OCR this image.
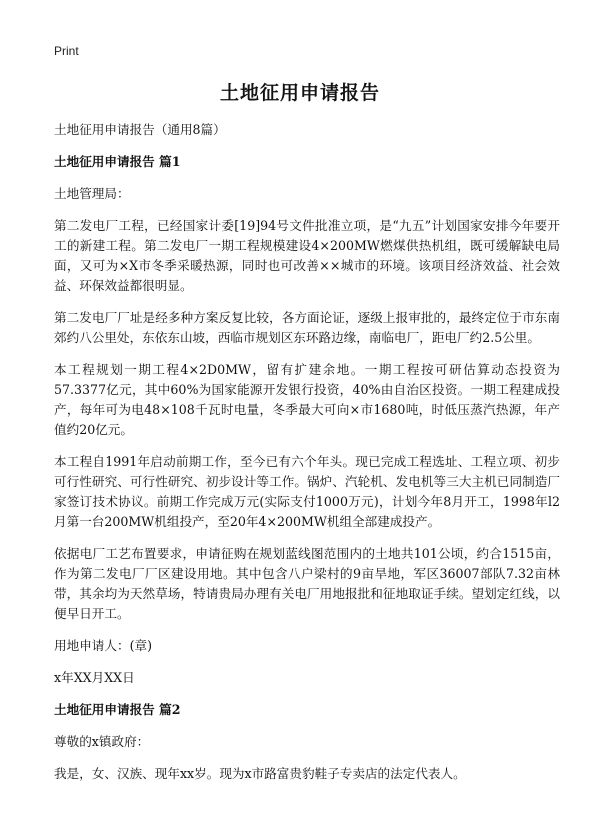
Print
土地征用申请报告

土地征用申请报告（通用8篇）

土地征用申请报告 篇1

土地管理局：

第二发电厂工程，已经国家计委[19]94号文件批准立项，是“九五”计划国家安排今年要开工的新建工程。第二发电厂一期工程规模建设4×200MW燃煤供热机组，既可缓解缺电局面，又可为×X市冬季采暖热源，同时也可改善××城市的环境。该项目经济效益、社会效益、环保效益都很明显。

第二发电厂厂址是经多种方案反复比较，各方面论证，逐级上报审批的，最终定位于市东南郊约八公里处，东依东山坡，西临市规划区东环路边缘，南临电厂，距电厂约2.5公里。

本工程规划一期工程4×2D0MW，留有扩建余地。一期工程按可研估算动态投资为57.3377亿元，其中60%为国家能源开发银行投资，40%由自治区投资。一期工程建成投产，每年可为电48×108千瓦时电量，冬季最大可向×市1680吨，时低压蒸汽热源，年产值约20亿元。

本工程自1991年启动前期工作，至今已有六个年头。现已完成工程选址、工程立项、初步可行性研究、可行性研究、初步设计等工作。锅炉、汽轮机、发电机等三大主机已同制造厂家签订技术协议。前期工作完成万元(实际支付1000万元)，计划今年8月开工，1998年l2月第一台200MW机组投产，至20年4×200MW机组全部建成投产。

依据电厂工艺布置要求，申请征购在规划蓝线图范围内的土地共101公顷，约合1515亩，作为第二发电厂厂区建设用地。其中包含八户梁村的9亩旱地，军区36007部队7.32亩林带，其余均为天然草场，特请贵局办理有关电厂用地报批和征地取证手续。望划定红线，以便早日开工。

用地申请人：(章)

x年XX月XX日

土地征用申请报告 篇2

尊敬的x镇政府：

我是，女、汉族、现年xx岁。现为x市路富贵豹鞋子专卖店的法定代表人。
